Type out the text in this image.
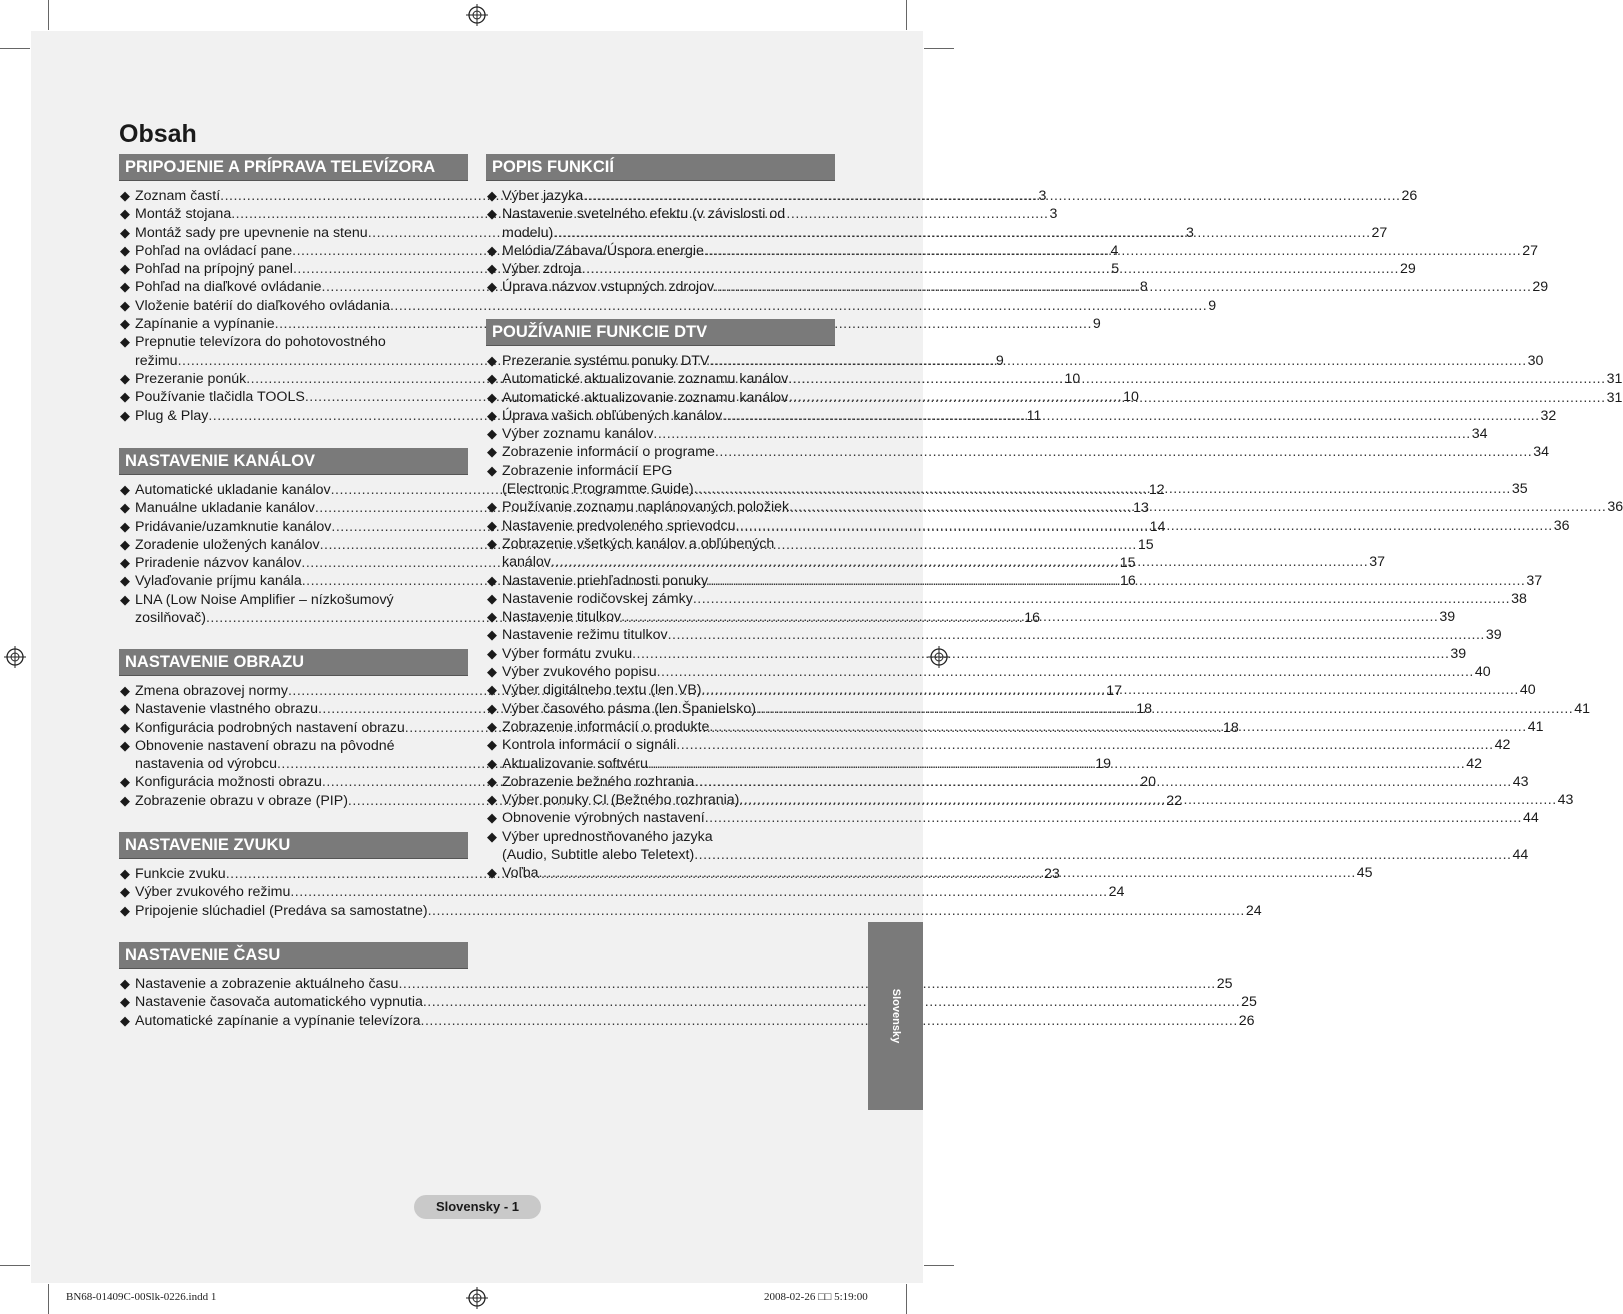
Obsah
PRIPOJENIE A PRÍPRAVA TELEVÍZORA
◆ Zoznam častí .....	3
◆ Montáž stojana .....	3
◆ Montáž sady pre upevnenie na stenu .....	3
◆ Pohľad na ovládací pane .....	4
◆ Pohľad na prípojný panel .....	5
◆ Pohľad na diaľkové ovládanie .....	8
◆ Vloženie batérií do diaľkového ovládania .....	9
◆ Zapínanie a vypínanie .....	9
◆ Prepnutie televízora do pohotovostného
režimu .....	9
◆ Prezeranie ponúk .....	10
◆ Používanie tlačidla TOOLS .....	10
◆ Plug & Play .....	11
NASTAVENIE KANÁLOV
◆ Automatické ukladanie kanálov .....	12
◆ Manuálne ukladanie kanálov .....	13
◆ Pridávanie/uzamknutie kanálov .....	14
◆ Zoradenie uložených kanálov .....	15
◆ Priradenie názvov kanálov .....	15
◆ Vylaďovanie príjmu kanála .....	16
◆ LNA (Low Noise Amplifier – nízkošumový
zosilňovač) .....	16
NASTAVENIE OBRAZU
◆ Zmena obrazovej normy .....	17
◆ Nastavenie vlastného obrazu .....	18
◆ Konfigurácia podrobných nastavení obrazu .....	18
◆ Obnovenie nastavení obrazu na pôvodné
nastavenia od výrobcu .....	19
◆ Konfigurácia možnosti obrazu .....	20
◆ Zobrazenie obrazu v obraze (PIP) .....	22
NASTAVENIE ZVUKU
◆ Funkcie zvuku .....	23
◆ Výber zvukového režimu .....	24
◆ Pripojenie slúchadiel (Predáva sa samostatne) .....	24
NASTAVENIE ČASU
◆ Nastavenie a zobrazenie aktuálneho času .....	25
◆ Nastavenie časovača automatického vypnutia .....	25
◆ Automatické zapínanie a vypínanie televízora .....	26
POPIS FUNKCIÍ
◆ Výber jazyka .....	26
◆ Nastavenie svetelného efektu (v závislosti od
modelu) .....	27
◆ Melódia/Zábava/Úspora energie .....	27
◆ Výber zdroja .....	29
◆ Úprava názvov vstupných zdrojov .....	29
POUŽÍVANIE FUNKCIE DTV
◆ Prezeranie systému ponuky DTV .....	30
◆ Automatické aktualizovanie zoznamu kanálov .....	31
◆ Automatické aktualizovanie zoznamu kanálov .....	31
◆ Úprava vašich obľúbených kanálov .....	32
◆ Výber zoznamu kanálov .....	34
◆ Zobrazenie informácií o programe .....	34
◆ Zobrazenie informácií EPG
(Electronic Programme Guide) .....	35
◆ Používanie zoznamu naplánovaných položiek .....	36
◆ Nastavenie predvoleného sprievodcu .....	36
◆ Zobrazenie všetkých kanálov a obľúbených
kanálov .....	37
◆ Nastavenie priehľadnosti ponuky .....	37
◆ Nastavenie rodičovskej zámky .....	38
◆ Nastavenie titulkov .....	39
◆ Nastavenie režimu titulkov .....	39
◆ Výber formátu zvuku .....	39
◆ Výber zvukového popisu .....	40
◆ Výber digitálneho textu (len VB) .....	40
◆ Výber časového pásma (len Španielsko) .....	41
◆ Zobrazenie informácií o produkte .....	41
◆ Kontrola informácií o signáli .....	42
◆ Aktualizovanie softvéru .....	42
◆ Zobrazenie bežného rozhrania .....	43
◆ Výber ponuky CI (Bežného rozhrania) .....	43
◆ Obnovenie výrobných nastavení .....	44
◆ Výber uprednostňovaného jazyka
(Audio, Subtitle alebo Teletext) .....	44
◆ Voľba .....	45
Slovensky
Slovensky - 1
BN68-01409C-00Slk-0226.indd 1	2008-02-26 □□ 5:19:00
